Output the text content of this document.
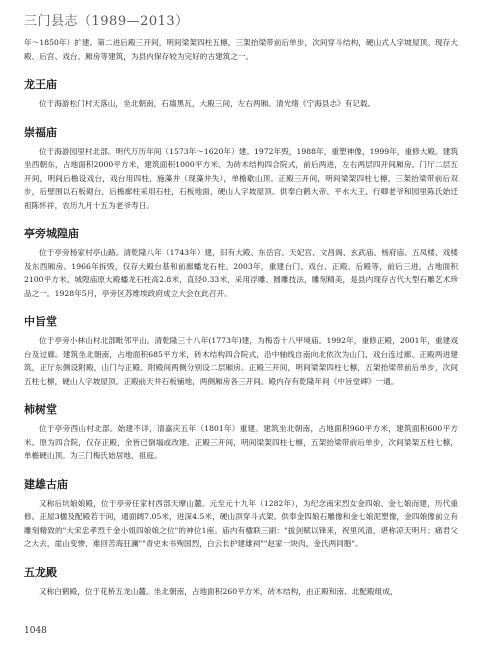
三门县志（1989—2013）

年～1850年）扩建。第二进后殿三开间，明间梁架四柱五檩，三架抬梁带前后单步，次间穿斗结构，硬山式人字坡屋顶。现存大殿、后宫、戏台、厢房等建筑，为县内保存较为完好的古建筑之一。

龙王庙

位于海游松门村天落山，坐北朝南，石墙黑瓦，大殿三间，左右两厢。清光绪《宁海县志》有记载。

崇福庙

位于海游园里村北部。明代万历年间（1573年～1620年）建。1972年毁，1988年，重塑神像，1999年，重修大殿。建筑坐西朝东，占地面积2000平方米，建筑面积1000平方米。为砖木结构四合院式，前后两进，左右两层四开间厢房。门厅二层五开间，明间后檐设戏台，戏台用四柱，施藻井（现藻井失），单檐歇山顶。正殿三开间，明间梁架四柱七檩，三架抬梁带前后双步，后壁围以石板砌台，后檐廊柱采用石柱，石板地面，硬山人字坡屋顶。供奉白鹤大帝、平水大王、行卿老爷和园里陈氏始迁祖陈怀祥，农历九月十五为老爷寿日。

亭旁城隍庙

位于亭旁杨家村亭山路。清乾隆八年（1743年）建，旧有大殿、东岳宫、天妃宫、文昌阁、玄武庙、杨府庙、五凤楼、戏楼及东西厢房。1966年拆毁，仅存大殿台基和前廊蟠龙石柱。2003年，重建台门、戏台、正殿、后殿等，前后三进，占地面积2100平方米。城隍庙原大殿蟠龙石柱高2.8米，直径0.33米，采用浮雕、圆雕技法，雕刻精美，是县内现存古代大型石雕艺术珍品之一。1928年5月，亭旁区苏维埃政府成立大会在此召开。

中旨堂

位于亭旁小林山村北部毗邻平山。清乾隆三十八年(1773年)建，为梅岙十八甲境庙。1992年，重修正殿，2001年，重建戏台及过廊。建筑坐北朝南，占地面积685平方米，砖木结构四合院式，沿中轴线自南向北依次为山门、戏台连过廊、正殿两进建筑，正厅东侧设附殿，山门与正殿、附殿间两侧分别设二层厢房。正殿三开间，明间梁架四柱七檩，五架抬梁带前后单步，次间五柱七檩，硬山人字坡屋顶。正殿前天井石板铺地，两侧厢房各三开间。殿内存有乾隆年间《中旨堂碑》一通。

柿树堂

位于亭旁西山村北部。始建不详，清嘉庆五年（1801年）重建。建筑坐北朝南，占地面积960平方米，建筑面积600平方米。原为四合院，仅存正殿，余皆已倒塌或改建。正殿三开间，明间梁架四柱七檩，五架抬梁带前后单步，次间梁架五柱七檩，单檐硬山顶。为三门梅氏始居地，祖庭。

建雄古庙

又称后坑娘娘殿，位于亭旁任家村西部天摩山麓。元至元十九年（1282年），为纪念南宋烈女金四娘、金七娘而建，历代重修。正屋3楹及配殿若干间，通面阔7.05米，进深4.5米，硬山顶穿斗式架。供奉金四娘石雕像和金七娘泥塑像，金四娘像前立有雕刻精致的"大宋忠孝烈千金小姐四娘娘之位"的神位1座。庙内有楹联三副："拔剑赋以锋来，祝里风清，堪称凉天明月；痛君父之大去，崖山变惨，难回苦海狂澜""青史未书殉国烈，白云长护建雄祠""赵家一块肉，金氏两同胞"。

五龙殿

又称白鹤殿，位于花桥五龙山麓。坐北朝南，占地面积260平方米，砖木结构，由正殿和南、北配殿组成，

1048
